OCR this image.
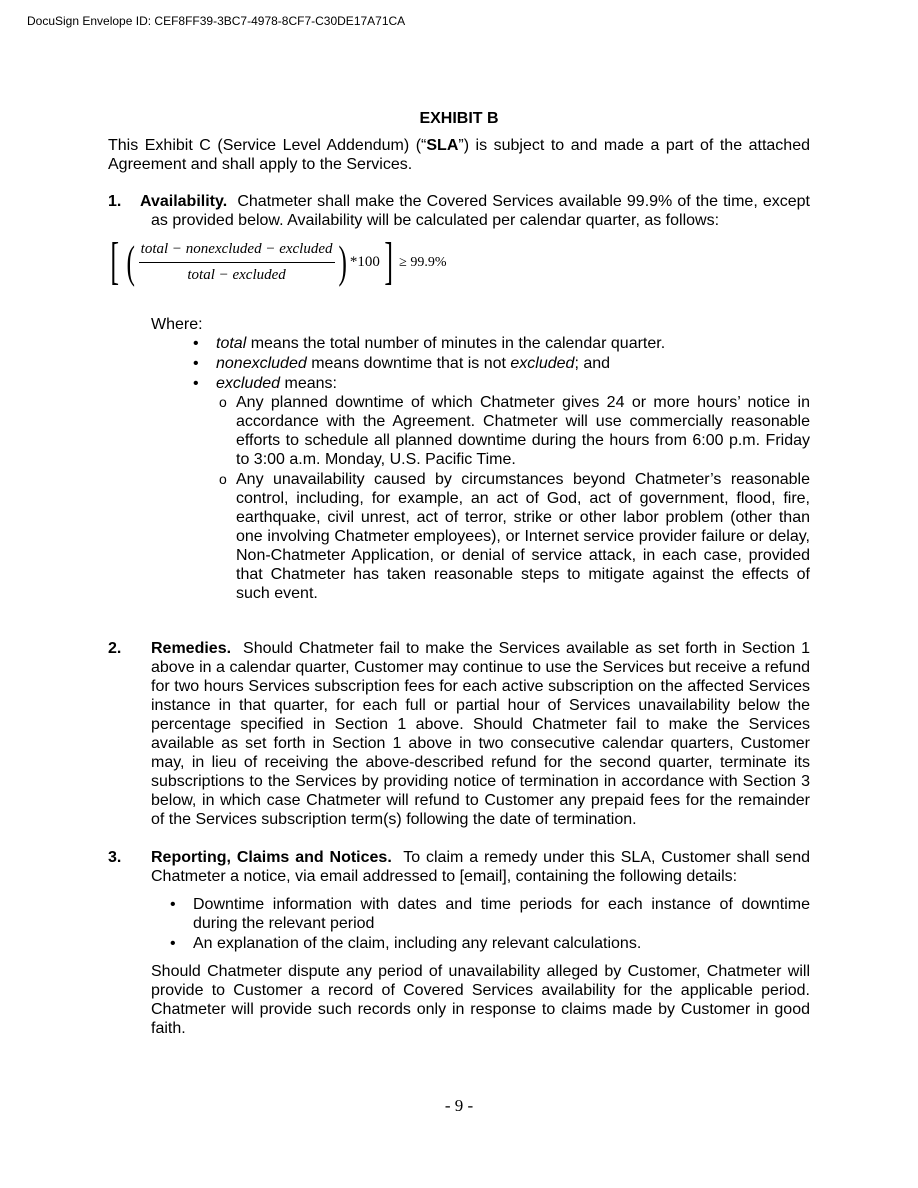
DocuSign Envelope ID: CEF8FF39-3BC7-4978-8CF7-C30DE17A71CA
EXHIBIT B
This Exhibit C (Service Level Addendum) (“SLA”) is subject to and made a part of the attached Agreement and shall apply to the Services.
1. Availability. Chatmeter shall make the Covered Services available 99.9% of the time, except as provided below. Availability will be calculated per calendar quarter, as follows:
[ ( $\frac{\text{total − nonexcluded − excluded}}{\text{total − excluded}}$ ) *100 ] ≥ 99.9%
Where:
• total means the total number of minutes in the calendar quarter.
• nonexcluded means downtime that is not excluded; and
• excluded means:
o Any planned downtime of which Chatmeter gives 24 or more hours’ notice in accordance with the Agreement. Chatmeter will use commercially reasonable efforts to schedule all planned downtime during the hours from 6:00 p.m. Friday to 3:00 a.m. Monday, U.S. Pacific Time.
o Any unavailability caused by circumstances beyond Chatmeter’s reasonable control, including, for example, an act of God, act of government, flood, fire, earthquake, civil unrest, act of terror, strike or other labor problem (other than one involving Chatmeter employees), or Internet service provider failure or delay, Non-Chatmeter Application, or denial of service attack, in each case, provided that Chatmeter has taken reasonable steps to mitigate against the effects of such event.
2. Remedies. Should Chatmeter fail to make the Services available as set forth in Section 1 above in a calendar quarter, Customer may continue to use the Services but receive a refund for two hours Services subscription fees for each active subscription on the affected Services instance in that quarter, for each full or partial hour of Services unavailability below the percentage specified in Section 1 above. Should Chatmeter fail to make the Services available as set forth in Section 1 above in two consecutive calendar quarters, Customer may, in lieu of receiving the above-described refund for the second quarter, terminate its subscriptions to the Services by providing notice of termination in accordance with Section 3 below, in which case Chatmeter will refund to Customer any prepaid fees for the remainder of the Services subscription term(s) following the date of termination.
3. Reporting, Claims and Notices. To claim a remedy under this SLA, Customer shall send Chatmeter a notice, via email addressed to [email], containing the following details:
• Downtime information with dates and time periods for each instance of downtime during the relevant period
• An explanation of the claim, including any relevant calculations.
Should Chatmeter dispute any period of unavailability alleged by Customer, Chatmeter will provide to Customer a record of Covered Services availability for the applicable period. Chatmeter will provide such records only in response to claims made by Customer in good faith.
- 9 -
